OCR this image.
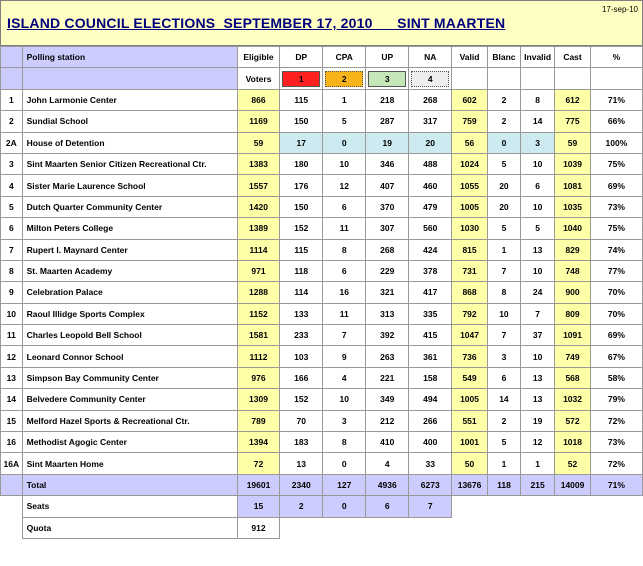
ISLAND COUNCIL ELECTIONS  SEPTEMBER 17, 2010      SINT MAARTEN
17-sep-10
	Polling station	Eligible	DP	CPA	UP	NA	Valid	Blanc	Invalid	Cast	%
		Voters	1	2	3	4					
1	John Larmonie Center	866	115	1	218	268	602	2	8	612	71%
2	Sundial School	1169	150	5	287	317	759	2	14	775	66%
2A	House of Detention	59	17	0	19	20	56	0	3	59	100%
3	Sint Maarten Senior Citizen Recreational Ctr.	1383	180	10	346	488	1024	5	10	1039	75%
4	Sister Marie Laurence School	1557	176	12	407	460	1055	20	6	1081	69%
5	Dutch Quarter Community Center	1420	150	6	370	479	1005	20	10	1035	73%
6	Milton Peters College	1389	152	11	307	560	1030	5	5	1040	75%
7	Rupert I. Maynard Center	1114	115	8	268	424	815	1	13	829	74%
8	St. Maarten Academy	971	118	6	229	378	731	7	10	748	77%
9	Celebration Palace	1288	114	16	321	417	868	8	24	900	70%
10	Raoul Illidge Sports Complex	1152	133	11	313	335	792	10	7	809	70%
11	Charles Leopold Bell School	1581	233	7	392	415	1047	7	37	1091	69%
12	Leonard Connor School	1112	103	9	263	361	736	3	10	749	67%
13	Simpson Bay Community Center	976	166	4	221	158	549	6	13	568	58%
14	Belvedere Community Center	1309	152	10	349	494	1005	14	13	1032	79%
15	Melford Hazel Sports & Recreational Ctr.	789	70	3	212	266	551	2	19	572	72%
16	Methodist Agogic Center	1394	183	8	410	400	1001	5	12	1018	73%
16A	Sint Maarten Home	72	13	0	4	33	50	1	1	52	72%
	Total	19601	2340	127	4936	6273	13676	118	215	14009	71%
	Seats	15	2	0	6	7					
	Quota	912									
